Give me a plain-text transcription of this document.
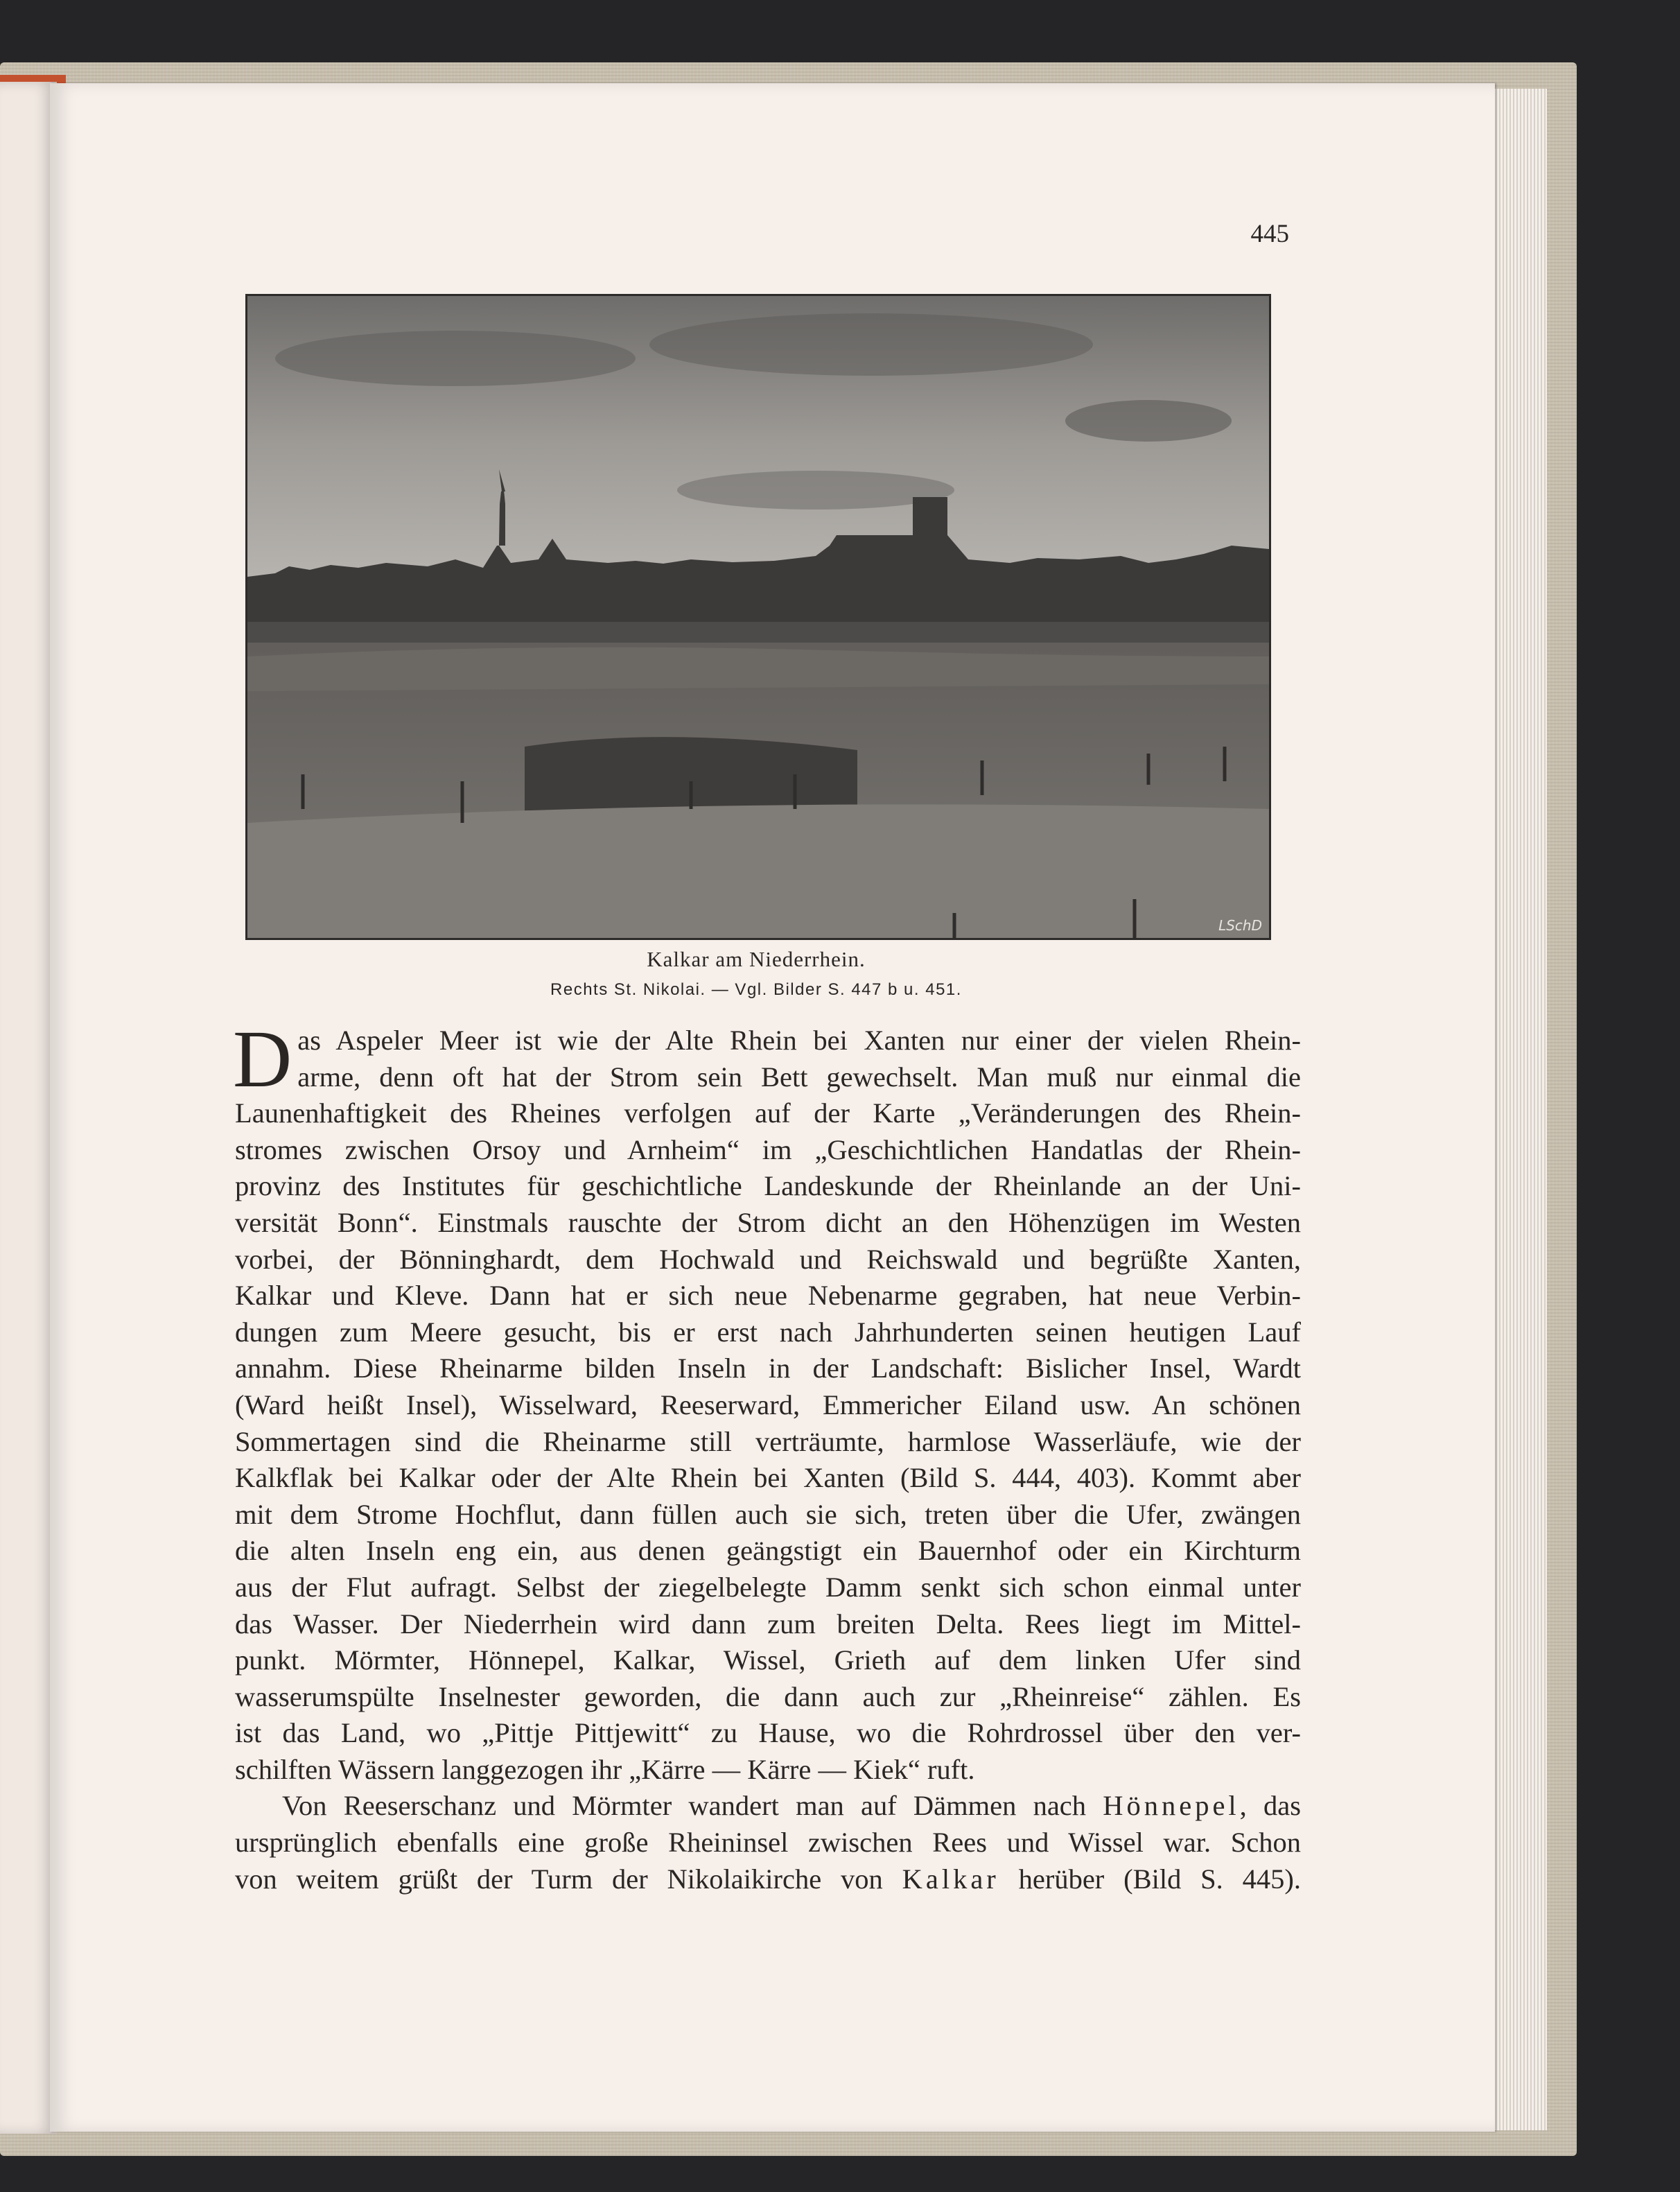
445
LSchD
Kalkar am Niederrhein.
Rechts St. Nikolai. — Vgl. Bilder S. 447 b u. 451.
D as Aspeler Meer ist wie der Alte Rhein bei Xanten nur einer der vielen Rhein-
arme, denn oft hat der Strom sein Bett gewechselt. Man muß nur einmal die
Launenhaftigkeit des Rheines verfolgen auf der Karte „Veränderungen des Rhein-
stromes zwischen Orsoy und Arnheim“ im „Geschichtlichen Handatlas der Rhein-
provinz des Institutes für geschichtliche Landeskunde der Rheinlande an der Uni-
versität Bonn“. Einstmals rauschte der Strom dicht an den Höhenzügen im Westen
vorbei, der Bönninghardt, dem Hochwald und Reichswald und begrüßte Xanten,
Kalkar und Kleve. Dann hat er sich neue Nebenarme gegraben, hat neue Verbin-
dungen zum Meere gesucht, bis er erst nach Jahrhunderten seinen heutigen Lauf
annahm. Diese Rheinarme bilden Inseln in der Landschaft: Bislicher Insel, Wardt
(Ward heißt Insel), Wisselward, Reeserward, Emmericher Eiland usw. An schönen
Sommertagen sind die Rheinarme still verträumte, harmlose Wasserläufe, wie der
Kalkflak bei Kalkar oder der Alte Rhein bei Xanten (Bild S. 444, 403). Kommt aber
mit dem Strome Hochflut, dann füllen auch sie sich, treten über die Ufer, zwängen
die alten Inseln eng ein, aus denen geängstigt ein Bauernhof oder ein Kirchturm
aus der Flut aufragt. Selbst der ziegelbelegte Damm senkt sich schon einmal unter
das Wasser. Der Niederrhein wird dann zum breiten Delta. Rees liegt im Mittel-
punkt. Mörmter, Hönnepel, Kalkar, Wissel, Grieth auf dem linken Ufer sind
wasserumspülte Inselnester geworden, die dann auch zur „Rheinreise“ zählen. Es
ist das Land, wo „Pittje Pittjewitt“ zu Hause, wo die Rohrdrossel über den ver-
schilften Wässern langgezogen ihr „Kärre — Kärre — Kiek“ ruft.
Von Reeserschanz und Mörmter wandert man auf Dämmen nach Hönnepel, das
ursprünglich ebenfalls eine große Rheininsel zwischen Rees und Wissel war. Schon
von weitem grüßt der Turm der Nikolaikirche von Kalkar herüber (Bild S. 445).
